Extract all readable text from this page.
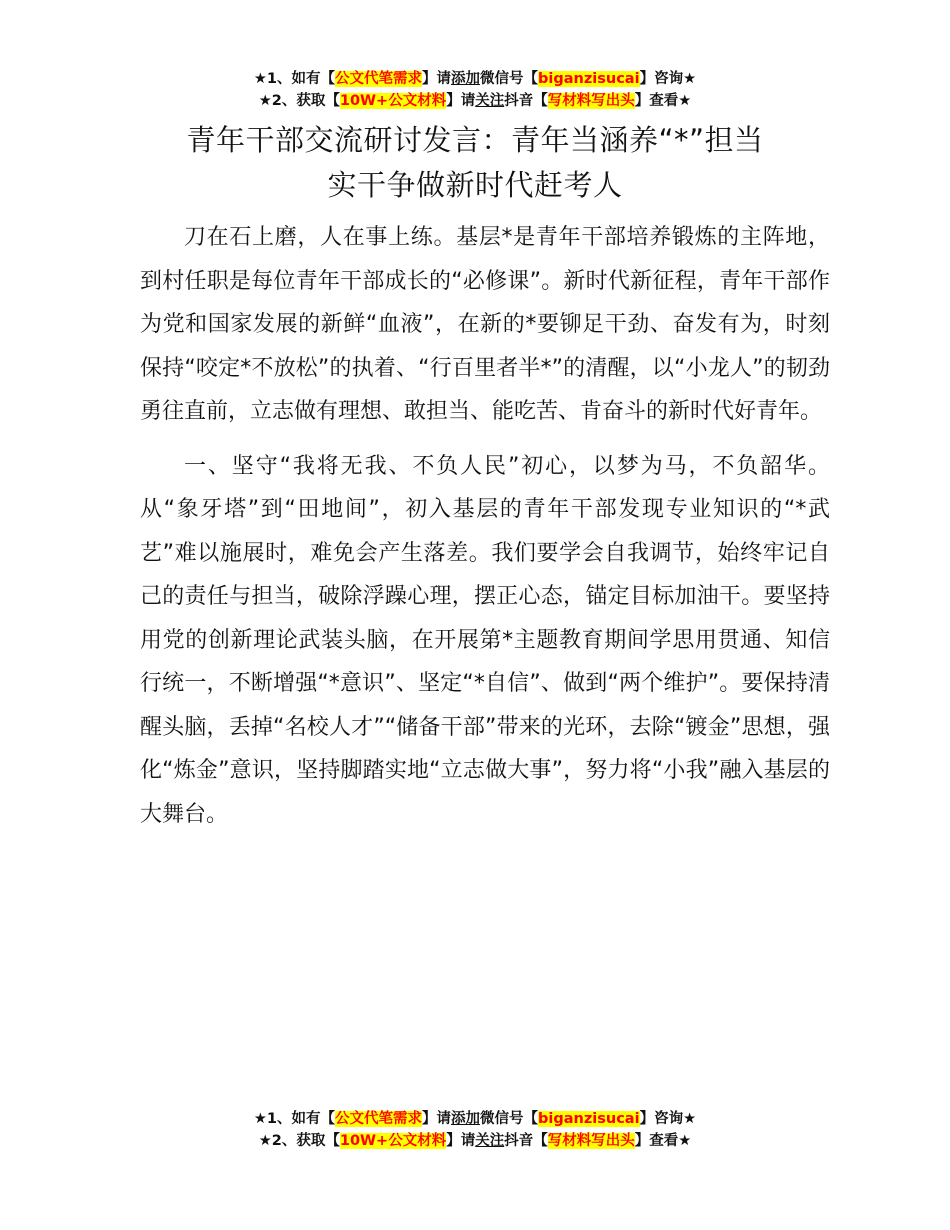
★1、如有【公文代笔需求】请添加微信号【biganzisucai】咨询★
★2、获取【10W+公文材料】请关注抖音【写材料写出头】查看★
青年干部交流研讨发言：青年当涵养“*”担当
实干争做新时代赶考人

刀在石上磨，人在事上练。基层*是青年干部培养锻炼的主阵地，到村任职是每位青年干部成长的“必修课”。新时代新征程，青年干部作为党和国家发展的新鲜“血液”，在新的*要铆足干劲、奋发有为，时刻保持“咬定*不放松”的执着、“行百里者半*”的清醒，以“小龙人”的韧劲勇往直前，立志做有理想、敢担当、能吃苦、肯奋斗的新时代好青年。

一、坚守“我将无我、不负人民”初心，以梦为马，不负韶华。从“象牙塔”到“田地间”，初入基层的青年干部发现专业知识的“*武艺”难以施展时，难免会产生落差。我们要学会自我调节，始终牢记自己的责任与担当，破除浮躁心理，摆正心态，锚定目标加油干。要坚持用党的创新理论武装头脑，在开展第*主题教育期间学思用贯通、知信行统一，不断增强“*意识”、坚定“*自信”、做到“两个维护”。要保持清醒头脑，丢掉“名校人才”“储备干部”带来的光环，去除“镀金”思想，强化“炼金”意识，坚持脚踏实地“立志做大事”，努力将“小我”融入基层的大舞台。

★1、如有【公文代笔需求】请添加微信号【biganzisucai】咨询★
★2、获取【10W+公文材料】请关注抖音【写材料写出头】查看★
